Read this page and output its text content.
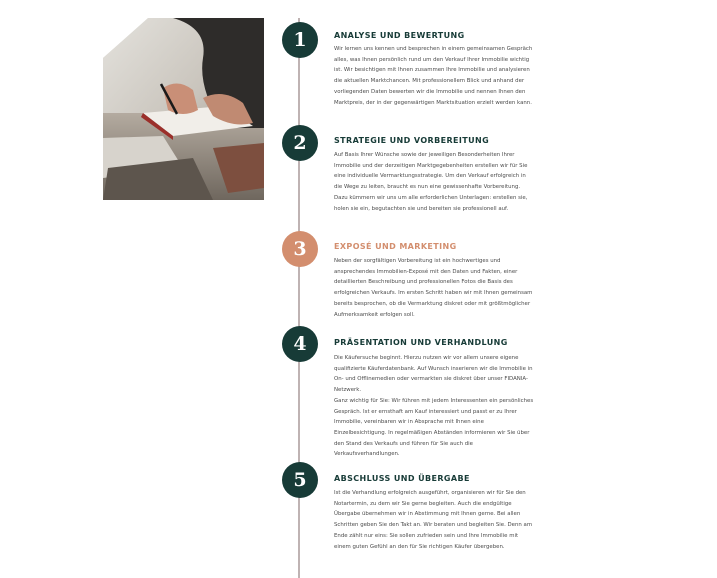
1	ANALYSE UND BEWERTUNG

Wir lernen uns kennen und besprechen in einem gemeinsamen Gespräch alles, was Ihnen persönlich rund um den Verkauf Ihrer Immobilie wichtig ist. Wir besichtigen mit Ihnen zusammen Ihre Immobilie und analysieren die aktuellen Marktchancen. Mit professionellem Blick und anhand der vorliegenden Daten bewerten wir die Immobilie und nennen Ihnen den Marktpreis, der in der gegenwärtigen Marktsituation erzielt werden kann.

2	STRATEGIE UND VORBEREITUNG

Auf Basis Ihrer Wünsche sowie der jeweiligen Besonderheiten Ihrer Immobilie und der derzeitigen Marktgegebenheiten erstellen wir für Sie eine individuelle Vermarktungsstrategie. Um den Verkauf erfolgreich in die Wege zu leiten, braucht es nun eine gewissenhafte Vorbereitung. Dazu kümmern wir uns um alle erforderlichen Unterlagen: erstellen sie, holen sie ein, begutachten sie und bereiten sie professionell auf.

3	EXPOSÉ UND MARKETING

Neben der sorgfältigen Vorbereitung ist ein hochwertiges und ansprechendes Immobilien-Exposé mit den Daten und Fakten, einer detaillierten Beschreibung und professionellen Fotos die Basis des erfolgreichen Verkaufs. Im ersten Schritt haben wir mit Ihnen gemeinsam bereits besprochen, ob die Vermarktung diskret oder mit größtmöglicher Aufmerksamkeit erfolgen soll.

4	PRÄSENTATION UND VERHANDLUNG

Die Käufersuche beginnt. Hierzu nutzen wir vor allem unsere eigene qualifizierte Käuferdatenbank. Auf Wunsch inserieren wir die Immobilie in On- und Offlinemedien oder vermarkten sie diskret über unser FIDANIA-Netzwerk.

Ganz wichtig für Sie: Wir führen mit jedem Interessenten ein persönliches Gespräch. Ist er ernsthaft am Kauf interessiert und passt er zu Ihrer Immobilie, vereinbaren wir in Absprache mit Ihnen eine Einzelbesichtigung. In regelmäßigen Abständen informieren wir Sie über den Stand des Verkaufs und führen für Sie auch die Verkaufsverhandlungen.

5	ABSCHLUSS UND ÜBERGABE

Ist die Verhandlung erfolgreich ausgeführt, organisieren wir für Sie den Notartermin, zu dem wir Sie gerne begleiten. Auch die endgültige Übergabe übernehmen wir in Abstimmung mit Ihnen gerne. Bei allen Schritten geben Sie den Takt an. Wir beraten und begleiten Sie. Denn am Ende zählt nur eins: Sie sollen zufrieden sein und Ihre Immobilie mit einem guten Gefühl an den für Sie richtigen Käufer übergeben.
